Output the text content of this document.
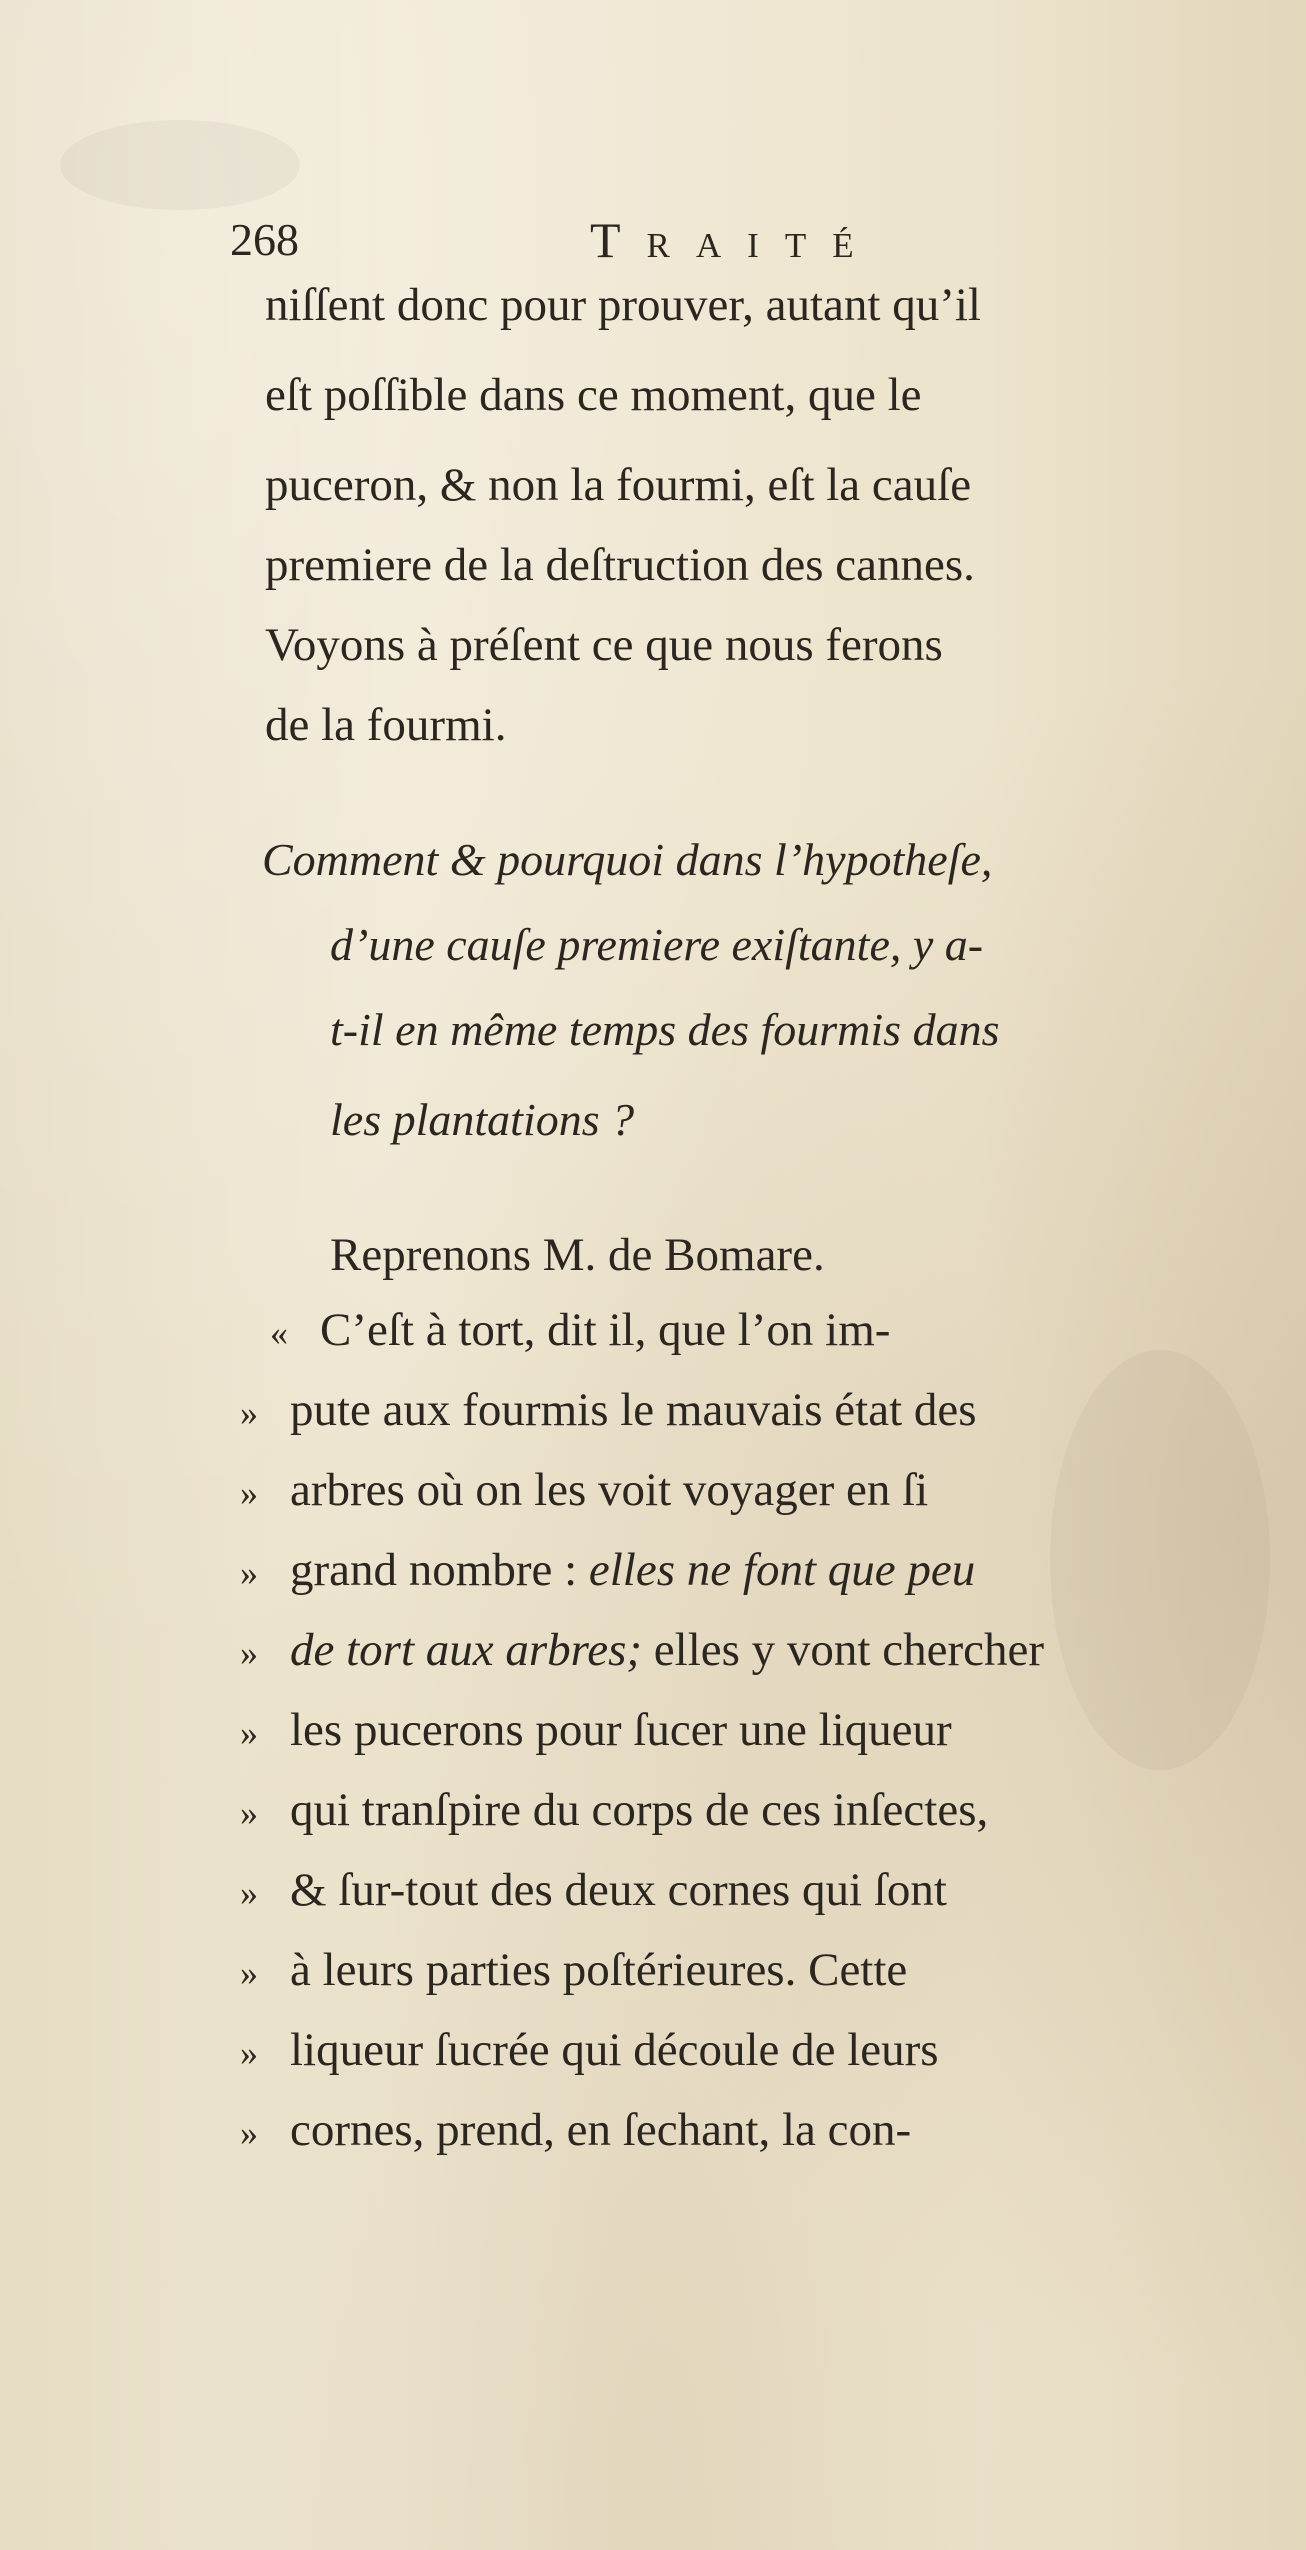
268	Traité
niſſent donc pour prouver, autant qu’il
eſt poſſible dans ce moment, que le
puceron, & non la fourmi, eſt la cauſe
premiere de la deſtruction des cannes.
Voyons à préſent ce que nous ferons
de la fourmi.
Comment & pourquoi dans l’hypotheſe,
d’une cauſe premiere exiſtante, y a-
t-il en même temps des fourmis dans
les plantations ?
Reprenons M. de Bomare.
« C’eſt à tort, dit il, que l’on im-
» pute aux fourmis le mauvais état des
» arbres où on les voit voyager en ſi
» grand nombre : elles ne font que peu
» de tort aux arbres; elles y vont chercher
» les pucerons pour ſucer une liqueur
» qui tranſpire du corps de ces inſectes,
» & ſur-tout des deux cornes qui ſont
» à leurs parties poſtérieures. Cette
» liqueur ſucrée qui découle de leurs
» cornes, prend, en ſechant, la con-
